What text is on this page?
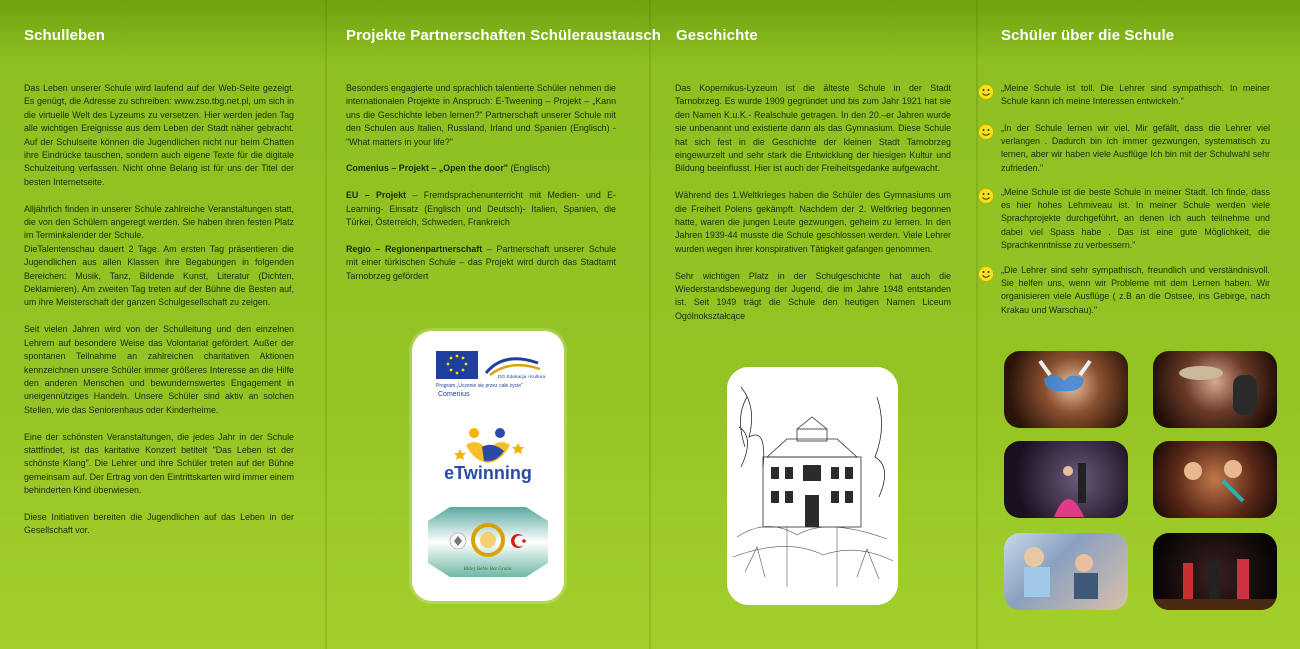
Schulleben

Das Leben unserer Schule wird laufend auf der Web-Seite gezeigt. Es genügt, die Adresse zu schreiben: www.zso.tbg.net.pl, um sich in die virtuelle Welt des Lyzeums zu versetzen. Hier werden jeden Tag alle wichtigen Ereignisse aus dem Leben der Stadt näher gebracht. Auf der Schulseite können die Jugendlichen nicht nur beim Chatten ihre Eindrücke tauschen, sondern auch eigene Texte für die digitale Schulzeitung verfassen. Nicht ohne Belang ist für uns der Titel der besten Internetseite.

Alljährlich finden in unserer Schule zahlreiche Veranstaltungen statt, die von den Schülern angeregt werden. Sie haben ihren festen Platz im Terminkalender der Schule.

DieTalentenschau dauert 2 Tage. Am ersten Tag präsentieren die Jugendlichen aus allen Klassen ihre Begabungen in folgenden Bereichen: Musik, Tanz, Bildende Kunst, Literatur (Dichten, Deklamieren). Am zweiten Tag treten auf der Bühne die Besten auf, um ihre Meisterschaft der ganzen Schulgesellschaft zu zeigen.

Seit vielen Jahren wird von der Schulleitung und den einzelnen Lehrern auf besondere Weise das Volontariat gefördert. Außer der spontanen Teilnahme an zahlreichen charitativen Aktionen kennzeichnen unsere Schüler immer größeres Interesse an die Hilfe den anderen Menschen und bewundernswertes Engagement in uneigennütziges Handeln. Unsere Schüler sind aktiv an solchen Stellen, wie das Seniorenhaus oder Kinderheime.

Eine der schönsten Veranstaltungen, die jedes Jahr in der Schule stattfindet, ist das karitative Konzert betitelt "Das Leben ist der schönste Klang". Die Lehrer und ihre Schüler treten auf der Bühne gemeinsam auf. Der Ertrag von den Eintrittskarten wird immer einem behinderten Kind überwiesen.

Diese Initiativen bereiten die Jugendlichen auf das Leben in der Gesellschaft vor.

Projekte Partnerschaften Schüleraustausch

Besonders engagierte und sprachlich talentierte Schüler nehmen die internationalen Projekte in Anspruch: E-Tweening – Projekt – „Kann uns die Geschichte leben lernen?" Partnerschaft unserer Schule mit den Schulen aus Italien, Russland, Irland und Spanien (Englisch) - "What matters in your life?"

Comenius – Projekt – „Open the door" (Englisch)

EU – Projekt – Fremdsprachenunterricht mit Medien- und E-Learning- Einsatz (Englisch und Deutsch)- Italien, Spanien, die Türkei, Österreich, Schweden, Frankreich

Regio – Regionenpartnerschaft – Partnerschaft unserer Schule mit einer türkischen Schule – das Projekt wird durch das Stadtamt Tarnobrzeg gefördert

DG Edukacja i Kultura
Program „Uczenie się przez całe życie"
Comenius
eTwinning
Bliżej Siebie Bez Granic
Geschichte

Das Kopernikus-Lyzeum ist die älteste Schule in der Stadt Tarnobrzeg. Es wurde 1909 gegründet und bis zum Jahr 1921 hat sie den Namen K.u.K.- Realschule getragen. In den 20.–er Jahren wurde sie unbenannt und existierte dann als das Gymnasium. Diese Schule hat sich fest in die Geschichte der kleinen Stadt Tarnobrzeg eingewurzelt und sehr stark die Entwicklung der hiesigen Kultur und Bildung beeinflusst. Hier ist auch der Freiheitsgedanke aufgewacht.

Während des 1.Weltkrieges haben die Schüler des Gymnasiums um die Freiheit Polens gekämpft. Nachdem der 2. Weltkrieg begonnen hatte, waren die jungen Leute gezwungen, geheim zu lernen. In den Jahren 1939-44 musste die Schule geschlossen werden. Viele Lehrer wurden wegen ihrer konspirativen Tätigkeit gafangen genommen.

Sehr wichtigen Platz in der Schulgeschichte hat auch die Wiederstandsbewegung der Jugend, die im Jahre 1948 entstanden ist. Seit 1949 trägt die Schule den heutigen Namen Liceum Ogólnokształcące

Schüler über die Schule
„Meine Schule ist toll. Die Lehrer sind sympathisch. In meiner Schule kann ich meine Interessen entwickeln."
„In der Schule lernen wir viel. Mir gefällt, dass die Lehrer viel verlangen . Dadurch bin ich immer gezwungen, systematisch zu lernen, aber wir haben viele Ausflüge Ich bin mit der Schulwahl sehr zufrieden."
„Meine Schule ist die beste Schule in meiner Stadt. Ich finde, dass es hier hohes Lehrniveau ist. In meiner Schule werden viele Sprachprojekte durchgeführt, an denen ich auch teilnehme und dabei viel Spass habe . Das ist eine gute Möglichkeit, die Sprachkenntnisse zu verbessern."
„Die Lehrer sind sehr sympathisch, freundlich und verständnisvoll. Sie helfen uns, wenn wir Probleme mit dem Lernen haben. Wir organisieren viele Ausflüge ( z.B an die Ostsee, ins Gebirge, nach Krakau und Warschau)."
